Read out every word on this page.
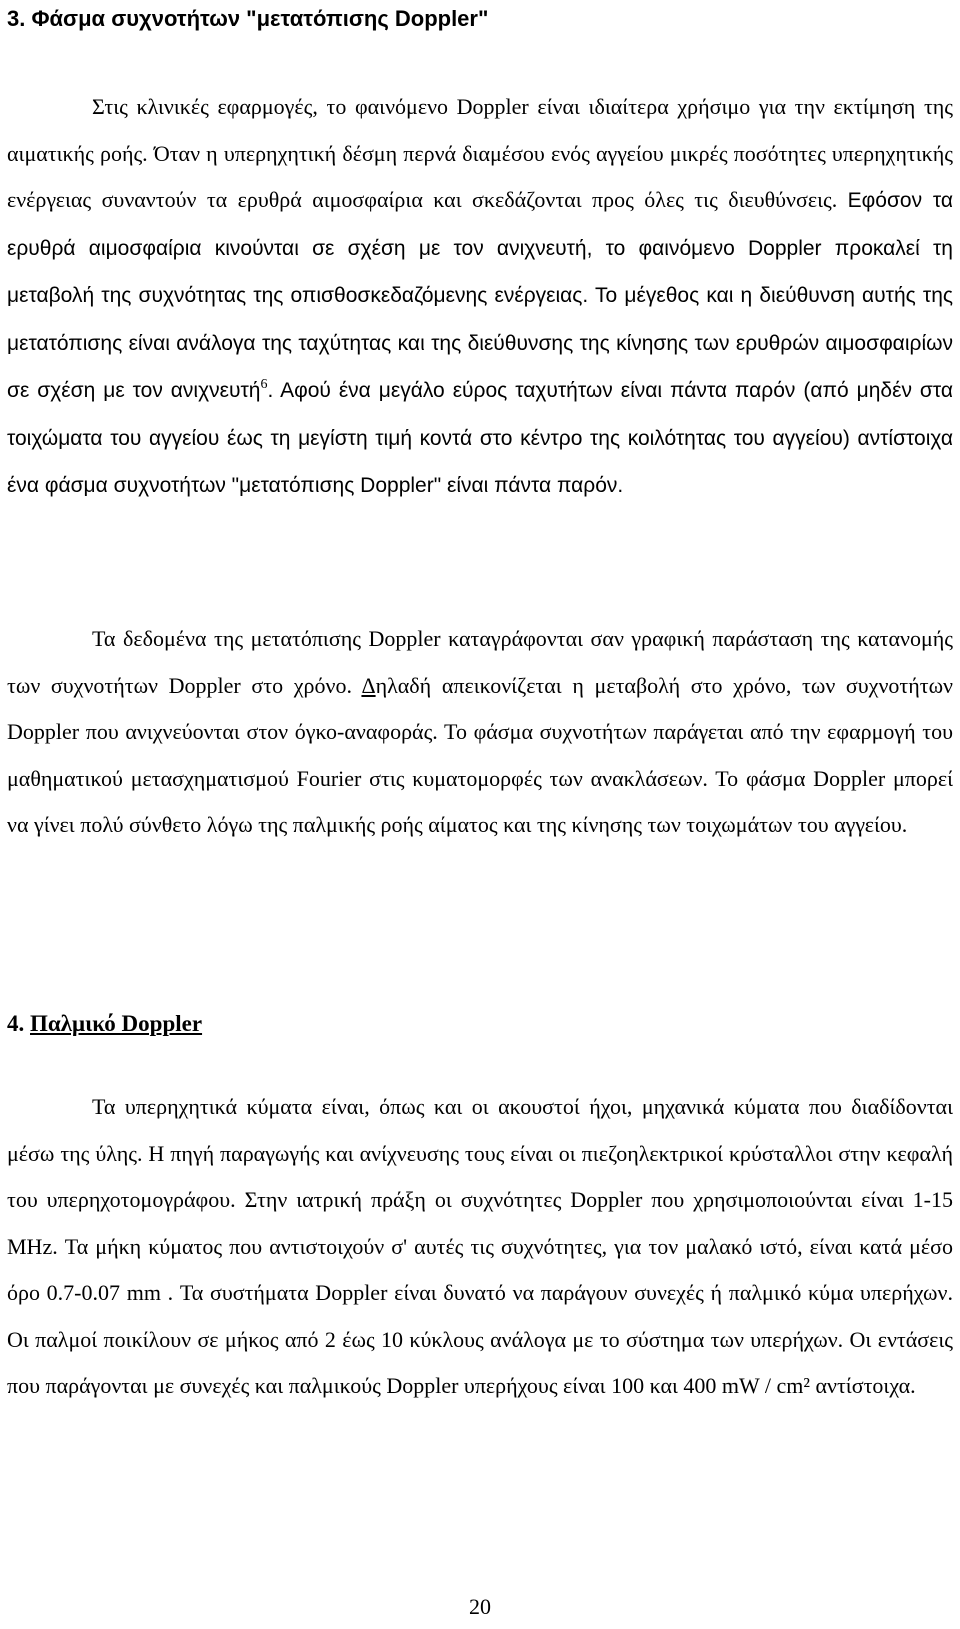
3. Φάσμα συχνοτήτων "μετατόπισης Doppler"

Στις κλινικές εφαρμογές, το φαινόμενο Doppler είναι ιδιαίτερα χρήσιμο για την εκτίμηση της αιματικής ροής. Όταν η υπερηχητική δέσμη περνά διαμέσου ενός αγγείου μικρές ποσότητες υπερηχητικής ενέργειας συναντούν τα ερυθρά αιμοσφαίρια και σκεδάζονται προς όλες τις διευθύνσεις. Εφόσον τα ερυθρά αιμοσφαίρια κινούνται σε σχέση με τον ανιχνευτή, το φαινόμενο Doppler προκαλεί τη μεταβολή της συχνότητας της οπισθοσκεδαζόμενης ενέργειας. Το μέγεθος και η διεύθυνση αυτής της μετατόπισης είναι ανάλογα της ταχύτητας και της διεύθυνσης της κίνησης των ερυθρών αιμοσφαιρίων σε σχέση με τον ανιχνευτή$^6$. Αφού ένα μεγάλο εύρος ταχυτήτων είναι πάντα παρόν (από μηδέν στα τοιχώματα του αγγείου έως τη μεγίστη τιμή κοντά στο κέντρο της κοιλότητας του αγγείου) αντίστοιχα ένα φάσμα συχνοτήτων "μετατόπισης Doppler" είναι πάντα παρόν.

Τα δεδομένα της μετατόπισης Doppler καταγράφονται σαν γραφική παράσταση της κατανομής των συχνοτήτων Doppler στο χρόνο. Δηλαδή απεικονίζεται η μεταβολή στο χρόνο, των συχνοτήτων Doppler που ανιχνεύονται στον όγκο-αναφοράς. Το φάσμα συχνοτήτων παράγεται από την εφαρμογή του μαθηματικού μετασχηματισμού Fourier στις κυματομορφές των ανακλάσεων. Το φάσμα Doppler μπορεί να γίνει πολύ σύνθετο λόγω της παλμικής ροής αίματος και της κίνησης των τοιχωμάτων του αγγείου.

4. Παλμικό Doppler

Τα υπερηχητικά κύματα είναι, όπως και οι ακουστοί ήχοι, μηχανικά κύματα που διαδίδονται μέσω της ύλης. Η πηγή παραγωγής και ανίχνευσης τους είναι οι πιεζοηλεκτρικοί κρύσταλλοι στην κεφαλή του υπερηχοτομογράφου. Στην ιατρική πράξη οι συχνότητες Doppler που χρησιμοποιούνται είναι 1-15 MHz. Τα μήκη κύματος που αντιστοιχούν σ' αυτές τις συχνότητες, για τον μαλακό ιστό, είναι κατά μέσο όρο 0.7-0.07 mm . Τα συστήματα Doppler είναι δυνατό να παράγουν συνεχές ή παλμικό κύμα υπερήχων. Οι παλμοί ποικίλουν σε μήκος από 2 έως 10 κύκλους ανάλογα με το σύστημα των υπερήχων. Οι εντάσεις που παράγονται με συνεχές και παλμικούς Doppler υπερήχους είναι 100 και 400 mW / cm² αντίστοιχα.

20
